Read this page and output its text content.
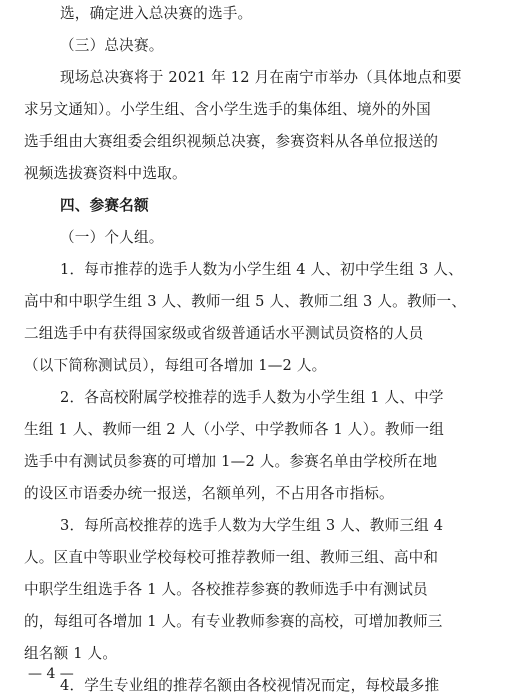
选，确定进入总决赛的选手。
（三）总决赛。
现场总决赛将于 2021 年 12 月在南宁市举办（具体地点和要
求另文通知）。小学生组、含小学生选手的集体组、境外的外国
选手组由大赛组委会组织视频总决赛，参赛资料从各单位报送的
视频选拔赛资料中选取。
四、参赛名额
（一）个人组。
1．每市推荐的选手人数为小学生组 4 人、初中学生组 3 人、
高中和中职学生组 3 人、教师一组 5 人、教师二组 3 人。教师一、
二组选手中有获得国家级或省级普通话水平测试员资格的人员
（以下简称测试员），每组可各增加 1—2 人。
2．各高校附属学校推荐的选手人数为小学生组 1 人、中学
生组 1 人、教师一组 2 人（小学、中学教师各 1 人）。教师一组
选手中有测试员参赛的可增加 1—2 人。参赛名单由学校所在地
的设区市语委办统一报送，名额单列，不占用各市指标。
3．每所高校推荐的选手人数为大学生组 3 人、教师三组 4
人。区直中等职业学校每校可推荐教师一组、教师三组、高中和
中职学生组选手各 1 人。各校推荐参赛的教师选手中有测试员
的，每组可各增加 1 人。有专业教师参赛的高校，可增加教师三
组名额 1 人。
4．学生专业组的推荐名额由各校视情况而定，每校最多推
— 4 —
